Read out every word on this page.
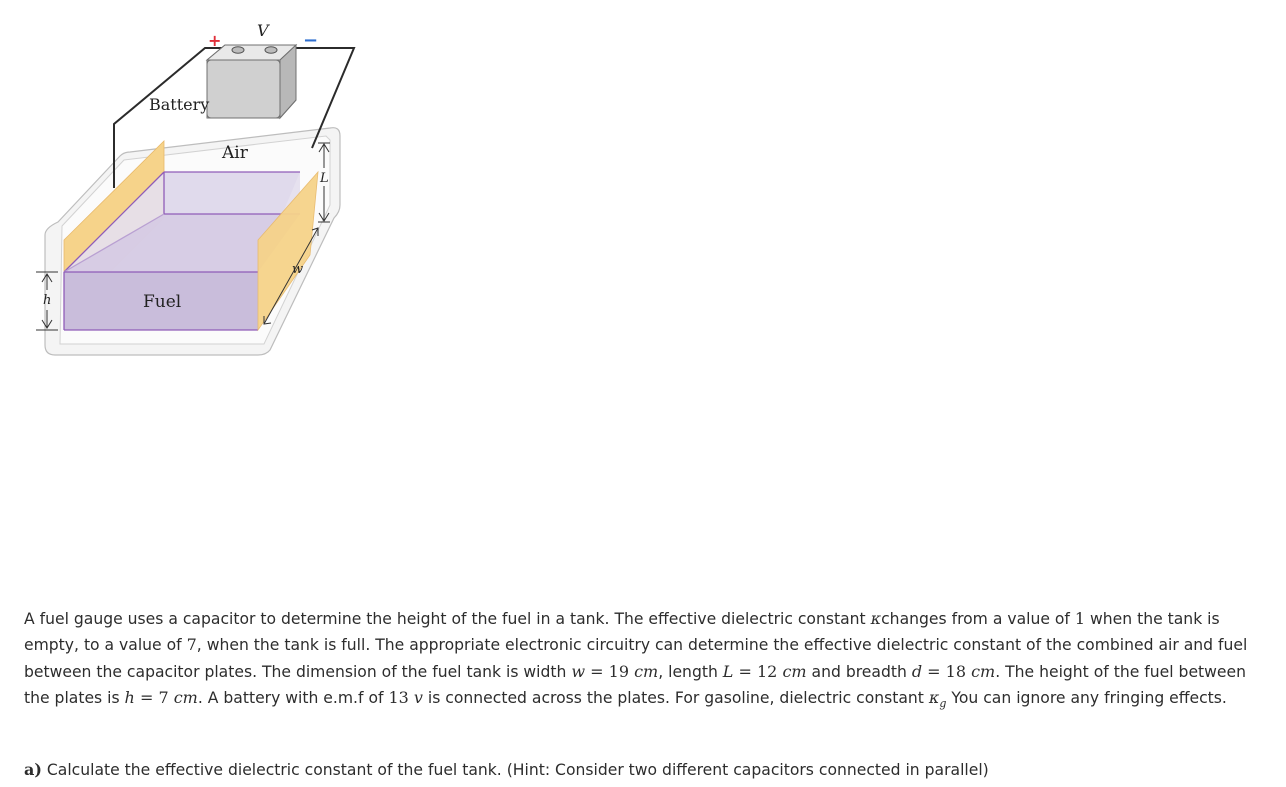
Battery
Air
Fuel
V
+	−
L
w
h

A fuel gauge uses a capacitor to determine the height of the fuel in a tank. The effective dielectric constant κchanges from a value of 1 when the tank is empty, to a value of 7, when the tank is full. The appropriate electronic circuitry can determine the effective dielectric constant of the combined air and fuel between the capacitor plates. The dimension of the fuel tank is width w = 19 cm, length L = 12 cm and breadth d = 18 cm. The height of the fuel between the plates is h = 7 cm. A battery with e.m.f of 13 v is connected across the plates. For gasoline, dielectric constant $\kappa_g$ You can ignore any fringing effects.

a) Calculate the effective dielectric constant of the fuel tank. (Hint: Consider two different capacitors connected in parallel)
